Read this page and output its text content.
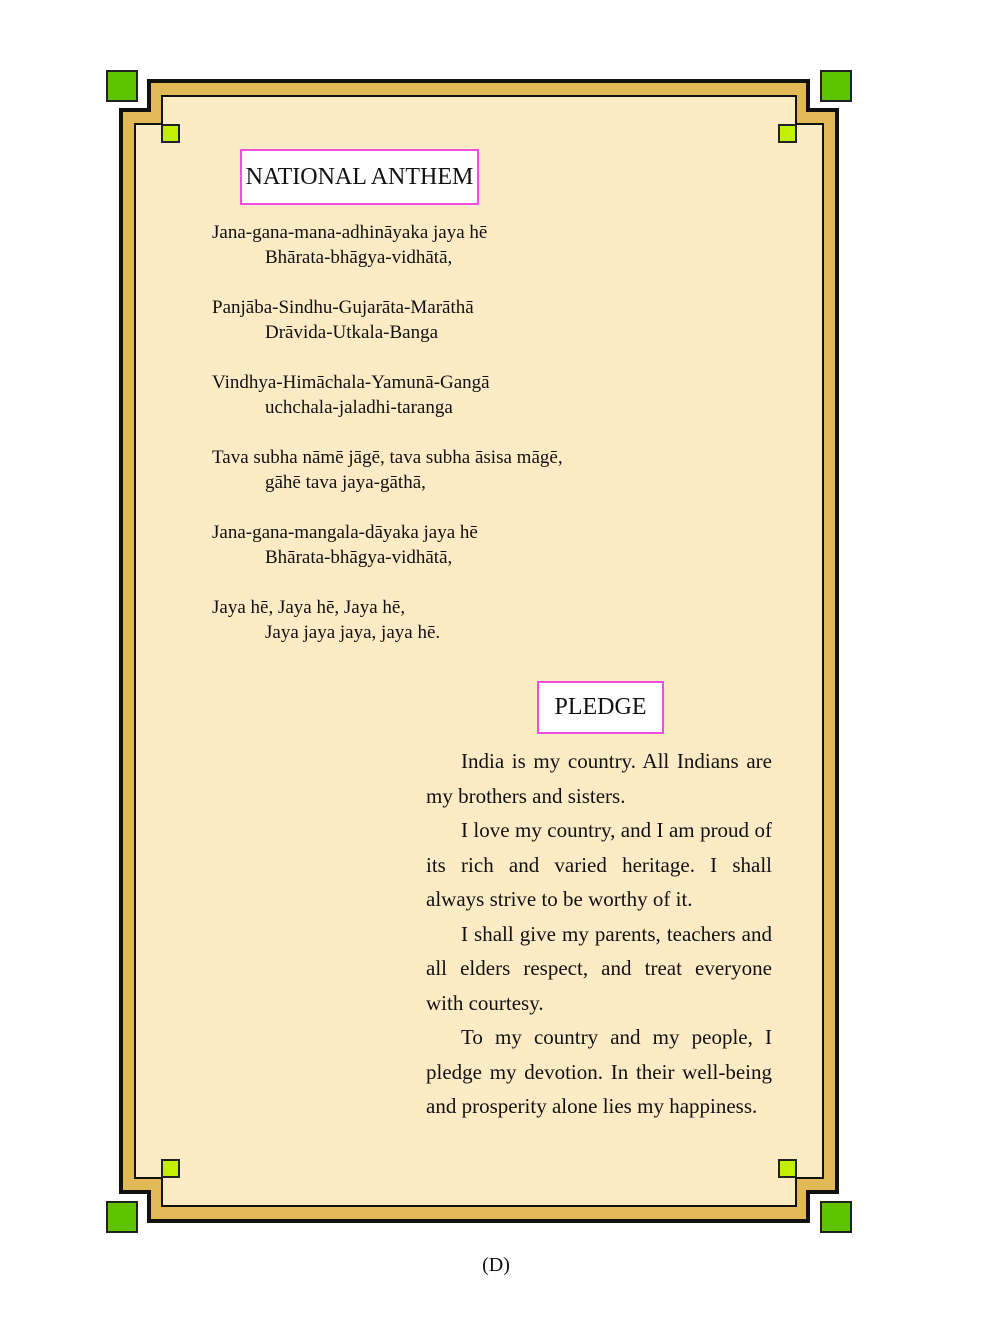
NATIONAL ANTHEM
Jana-gana-mana-adhināyaka jaya hē
Bhārata-bhāgya-vidhātā,
Panjāba-Sindhu-Gujarāta-Marāthā
Drāvida-Utkala-Banga
Vindhya-Himāchala-Yamunā-Gangā
uchchala-jaladhi-taranga
Tava subha nāmē jāgē, tava subha āsisa māgē,
gāhē tava jaya-gāthā,
Jana-gana-mangala-dāyaka jaya hē
Bhārata-bhāgya-vidhātā,
Jaya hē, Jaya hē, Jaya hē,
Jaya jaya jaya, jaya hē.
PLEDGE

India is my country. All Indians are my brothers and sisters.

I love my country, and I am proud of its rich and varied heritage. I shall always strive to be worthy of it.

I shall give my parents, teachers and all elders respect, and treat everyone with courtesy.

To my country and my people, I pledge my devotion. In their well-being and prosperity alone lies my happiness.

(D)
